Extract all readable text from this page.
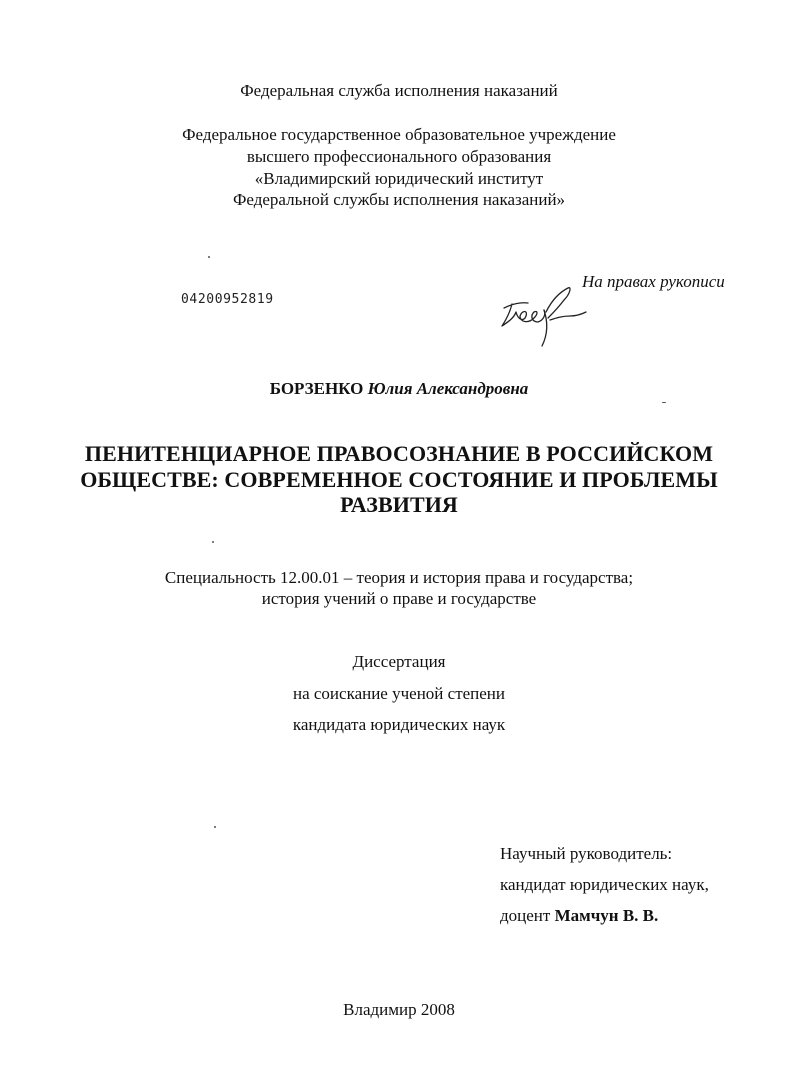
Федеральная служба исполнения наказаний
Федеральное государственное образовательное учреждение
высшего профессионального образования
«Владимирский юридический институт
Федеральной службы исполнения наказаний»
На правах рукописи
04200952819
БОРЗЕНКО Юлия Александровна
ПЕНИТЕНЦИАРНОЕ ПРАВОСОЗНАНИЕ В РОССИЙСКОМ
ОБЩЕСТВЕ: СОВРЕМЕННОЕ СОСТОЯНИЕ И ПРОБЛЕМЫ
РАЗВИТИЯ
Специальность 12.00.01 – теория и история права и государства;
история учений о праве и государстве
Диссертация
на соискание ученой степени
кандидата юридических наук
Научный руководитель:
кандидат юридических наук,
доцент Мамчун В. В.
Владимир 2008
